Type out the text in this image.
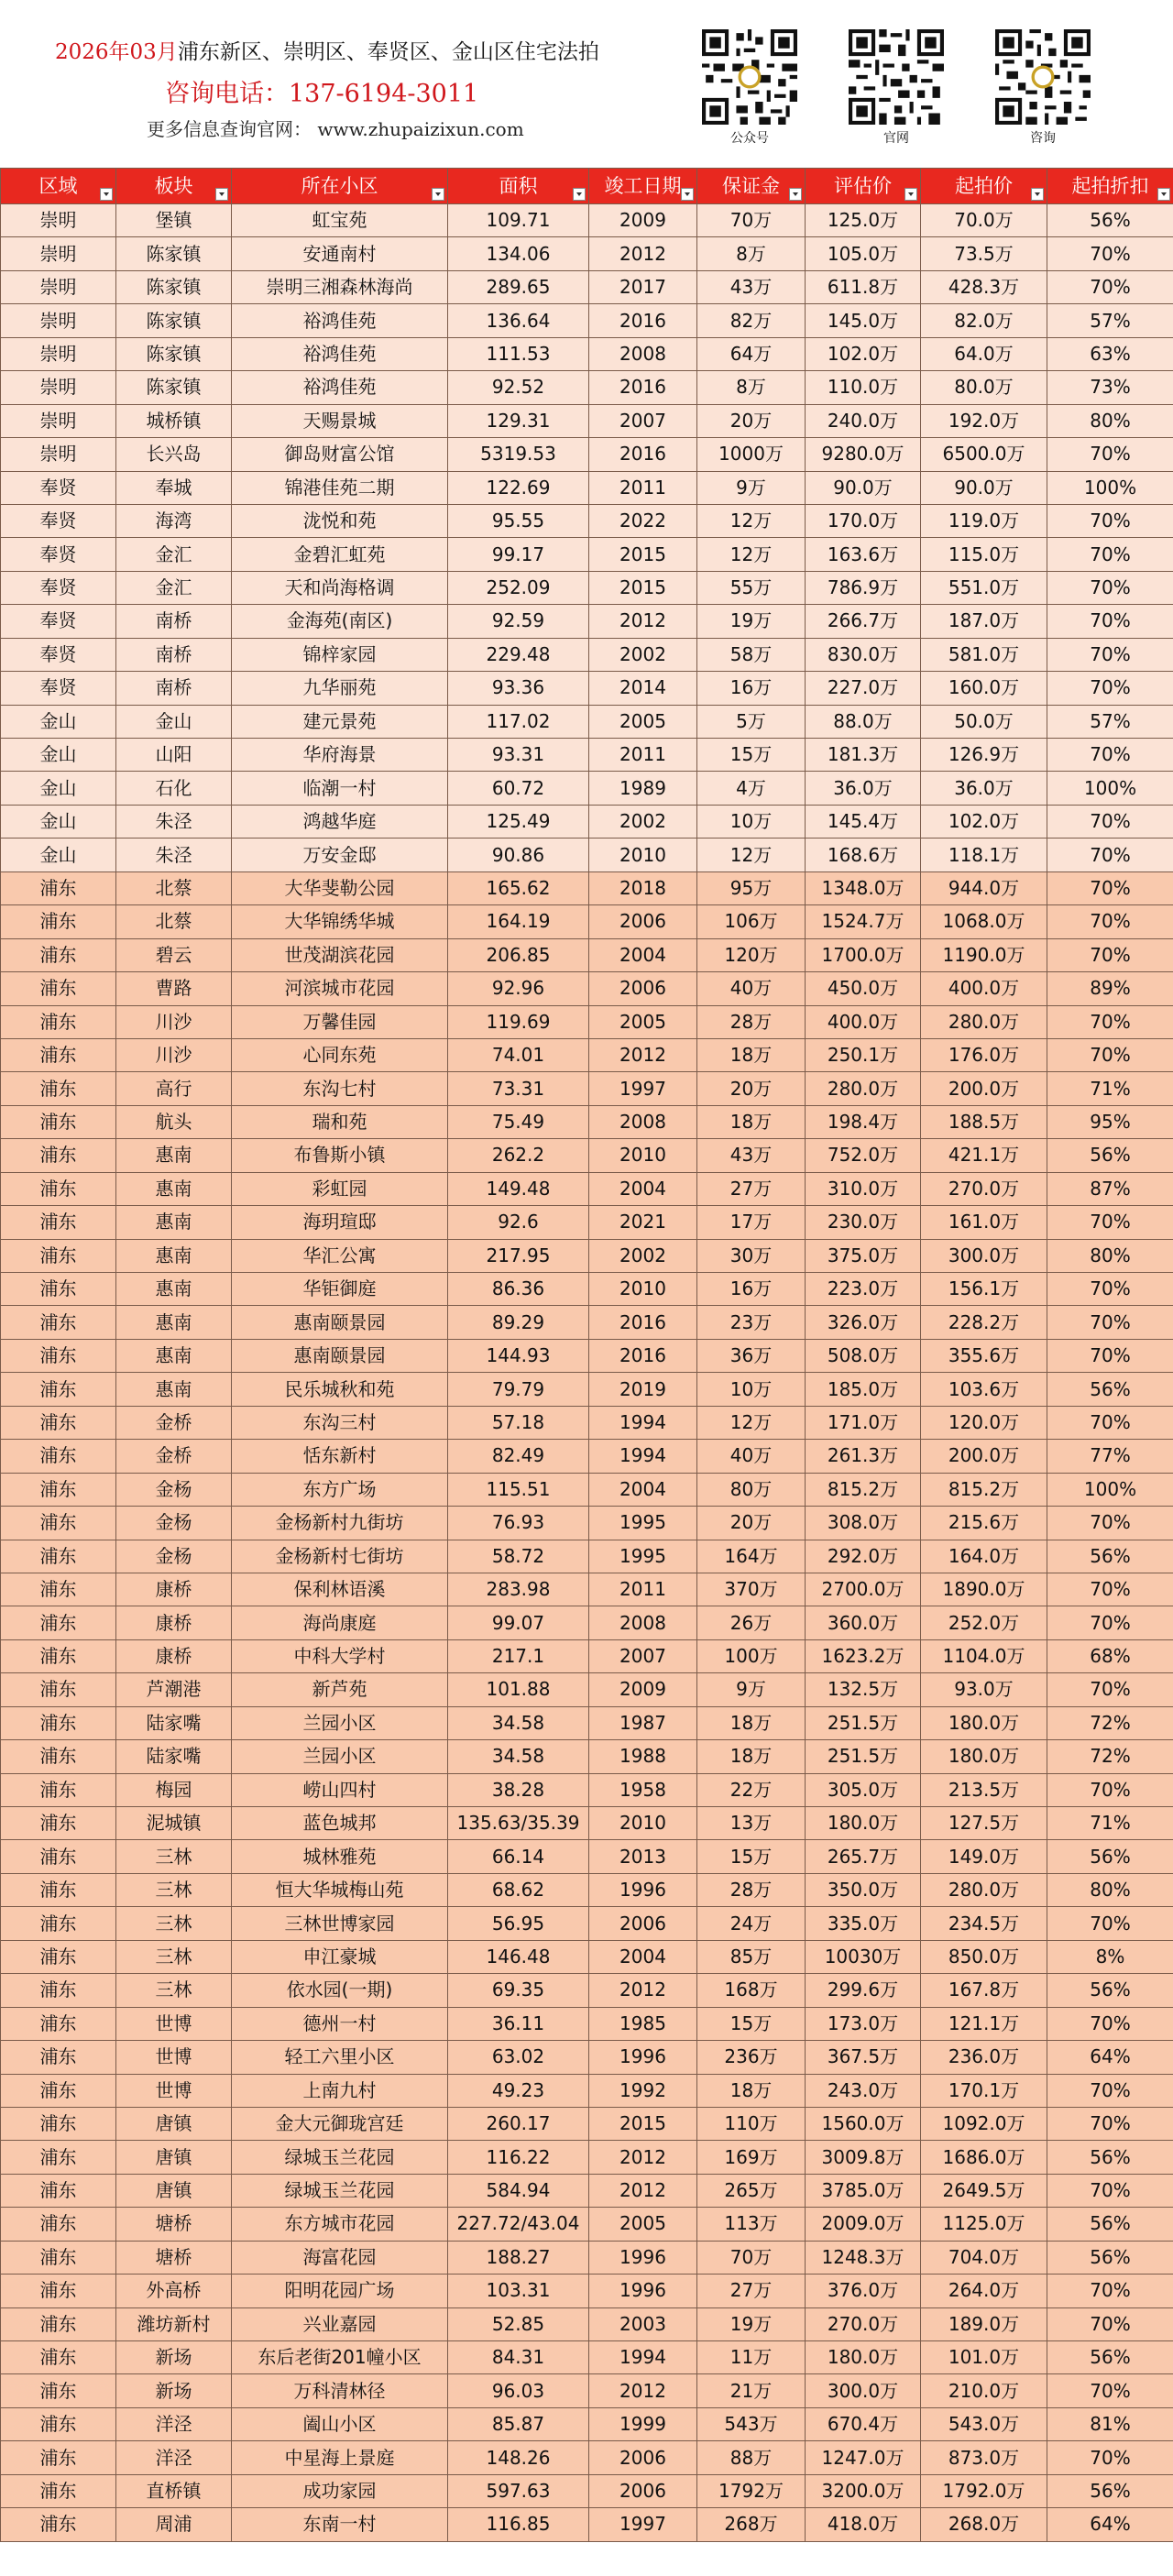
2026年03月浦东新区、崇明区、奉贤区、金山区住宅法拍
咨询电话：137-6194-3011
更多信息查询官网： www.zhupaizixun.com	公众号	官网	咨询
区域	板块	所在小区	面积	竣工日期	保证金	评估价	起拍价	起拍折扣

崇明	堡镇	虹宝苑	109.71	2009	70万	125.0万	70.0万	56%
崇明	陈家镇	安通南村	134.06	2012	8万	105.0万	73.5万	70%
崇明	陈家镇	崇明三湘森林海尚	289.65	2017	43万	611.8万	428.3万	70%
崇明	陈家镇	裕鸿佳苑	136.64	2016	82万	145.0万	82.0万	57%
崇明	陈家镇	裕鸿佳苑	111.53	2008	64万	102.0万	64.0万	63%
崇明	陈家镇	裕鸿佳苑	92.52	2016	8万	110.0万	80.0万	73%
崇明	城桥镇	天赐景城	129.31	2007	20万	240.0万	192.0万	80%
崇明	长兴岛	御岛财富公馆	5319.53	2016	1000万	9280.0万	6500.0万	70%
奉贤	奉城	锦港佳苑二期	122.69	2011	9万	90.0万	90.0万	100%
奉贤	海湾	泷悦和苑	95.55	2022	12万	170.0万	119.0万	70%
奉贤	金汇	金碧汇虹苑	99.17	2015	12万	163.6万	115.0万	70%
奉贤	金汇	天和尚海格调	252.09	2015	55万	786.9万	551.0万	70%
奉贤	南桥	金海苑(南区)	92.59	2012	19万	266.7万	187.0万	70%
奉贤	南桥	锦梓家园	229.48	2002	58万	830.0万	581.0万	70%
奉贤	南桥	九华丽苑	93.36	2014	16万	227.0万	160.0万	70%
金山	金山	建元景苑	117.02	2005	5万	88.0万	50.0万	57%
金山	山阳	华府海景	93.31	2011	15万	181.3万	126.9万	70%
金山	石化	临潮一村	60.72	1989	4万	36.0万	36.0万	100%
金山	朱泾	鸿越华庭	125.49	2002	10万	145.4万	102.0万	70%
金山	朱泾	万安金邸	90.86	2010	12万	168.6万	118.1万	70%
浦东	北蔡	大华斐勒公园	165.62	2018	95万	1348.0万	944.0万	70%
浦东	北蔡	大华锦绣华城	164.19	2006	106万	1524.7万	1068.0万	70%
浦东	碧云	世茂湖滨花园	206.85	2004	120万	1700.0万	1190.0万	70%
浦东	曹路	河滨城市花园	92.96	2006	40万	450.0万	400.0万	89%
浦东	川沙	万馨佳园	119.69	2005	28万	400.0万	280.0万	70%
浦东	川沙	心同东苑	74.01	2012	18万	250.1万	176.0万	70%
浦东	高行	东沟七村	73.31	1997	20万	280.0万	200.0万	71%
浦东	航头	瑞和苑	75.49	2008	18万	198.4万	188.5万	95%
浦东	惠南	布鲁斯小镇	262.2	2010	43万	752.0万	421.1万	56%
浦东	惠南	彩虹园	149.48	2004	27万	310.0万	270.0万	87%
浦东	惠南	海玥瑄邸	92.6	2021	17万	230.0万	161.0万	70%
浦东	惠南	华汇公寓	217.95	2002	30万	375.0万	300.0万	80%
浦东	惠南	华钜御庭	86.36	2010	16万	223.0万	156.1万	70%
浦东	惠南	惠南颐景园	89.29	2016	23万	326.0万	228.2万	70%
浦东	惠南	惠南颐景园	144.93	2016	36万	508.0万	355.6万	70%
浦东	惠南	民乐城秋和苑	79.79	2019	10万	185.0万	103.6万	56%
浦东	金桥	东沟三村	57.18	1994	12万	171.0万	120.0万	70%
浦东	金桥	恬东新村	82.49	1994	40万	261.3万	200.0万	77%
浦东	金杨	东方广场	115.51	2004	80万	815.2万	815.2万	100%
浦东	金杨	金杨新村九街坊	76.93	1995	20万	308.0万	215.6万	70%
浦东	金杨	金杨新村七街坊	58.72	1995	164万	292.0万	164.0万	56%
浦东	康桥	保利林语溪	283.98	2011	370万	2700.0万	1890.0万	70%
浦东	康桥	海尚康庭	99.07	2008	26万	360.0万	252.0万	70%
浦东	康桥	中科大学村	217.1	2007	100万	1623.2万	1104.0万	68%
浦东	芦潮港	新芦苑	101.88	2009	9万	132.5万	93.0万	70%
浦东	陆家嘴	兰园小区	34.58	1987	18万	251.5万	180.0万	72%
浦东	陆家嘴	兰园小区	34.58	1988	18万	251.5万	180.0万	72%
浦东	梅园	崂山四村	38.28	1958	22万	305.0万	213.5万	70%
浦东	泥城镇	蓝色城邦	135.63/35.39	2010	13万	180.0万	127.5万	71%
浦东	三林	城林雅苑	66.14	2013	15万	265.7万	149.0万	56%
浦东	三林	恒大华城梅山苑	68.62	1996	28万	350.0万	280.0万	80%
浦东	三林	三林世博家园	56.95	2006	24万	335.0万	234.5万	70%
浦东	三林	申江豪城	146.48	2004	85万	10030万	850.0万	8%
浦东	三林	依水园(一期)	69.35	2012	168万	299.6万	167.8万	56%
浦东	世博	德州一村	36.11	1985	15万	173.0万	121.1万	70%
浦东	世博	轻工六里小区	63.02	1996	236万	367.5万	236.0万	64%
浦东	世博	上南九村	49.23	1992	18万	243.0万	170.1万	70%
浦东	唐镇	金大元御珑宫廷	260.17	2015	110万	1560.0万	1092.0万	70%
浦东	唐镇	绿城玉兰花园	116.22	2012	169万	3009.8万	1686.0万	56%
浦东	唐镇	绿城玉兰花园	584.94	2012	265万	3785.0万	2649.5万	70%
浦东	塘桥	东方城市花园	227.72/43.04	2005	113万	2009.0万	1125.0万	56%
浦东	塘桥	海富花园	188.27	1996	70万	1248.3万	704.0万	56%
浦东	外高桥	阳明花园广场	103.31	1996	27万	376.0万	264.0万	70%
浦东	潍坊新村	兴业嘉园	52.85	2003	19万	270.0万	189.0万	70%
浦东	新场	东后老街201幢小区	84.31	1994	11万	180.0万	101.0万	56%
浦东	新场	万科清林径	96.03	2012	21万	300.0万	210.0万	70%
浦东	洋泾	阖山小区	85.87	1999	543万	670.4万	543.0万	81%
浦东	洋泾	中星海上景庭	148.26	2006	88万	1247.0万	873.0万	70%
浦东	直桥镇	成功家园	597.63	2006	1792万	3200.0万	1792.0万	56%
浦东	周浦	东南一村	116.85	1997	268万	418.0万	268.0万	64%
